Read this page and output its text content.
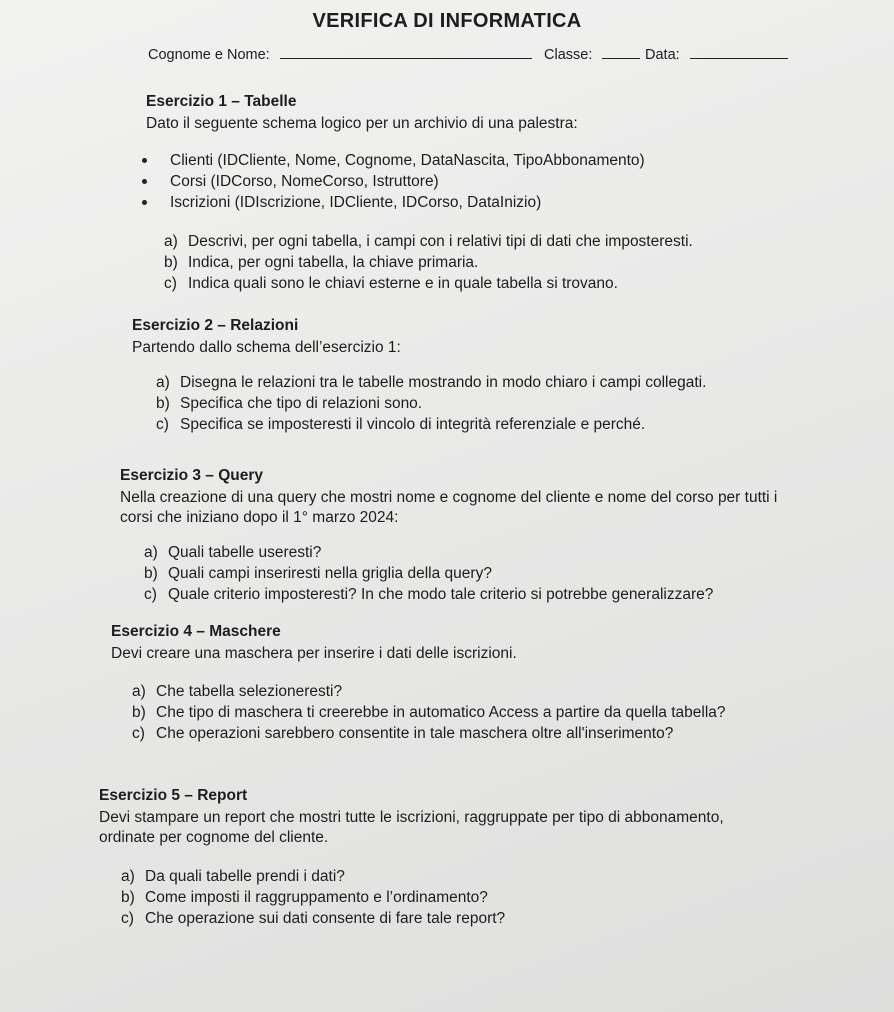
VERIFICA DI INFORMATICA
Cognome e Nome:	Classe:	Data:
Esercizio 1 – Tabelle
Dato il seguente schema logico per un archivio di una palestra:
Clienti (IDCliente, Nome, Cognome, DataNascita, TipoAbbonamento)
Corsi (IDCorso, NomeCorso, Istruttore)
Iscrizioni (IDIscrizione, IDCliente, IDCorso, DataInizio)
a) Descrivi, per ogni tabella, i campi con i relativi tipi di dati che imposteresti.
b) Indica, per ogni tabella, la chiave primaria.
c) Indica quali sono le chiavi esterne e in quale tabella si trovano.
Esercizio 2 – Relazioni
Partendo dallo schema dell’esercizio 1:
a) Disegna le relazioni tra le tabelle mostrando in modo chiaro i campi collegati.
b) Specifica che tipo di relazioni sono.
c) Specifica se imposteresti il vincolo di integrità referenziale e perché.
Esercizio 3 – Query
Nella creazione di una query che mostri nome e cognome del cliente e nome del corso per tutti i
corsi che iniziano dopo il 1° marzo 2024:
a) Quali tabelle useresti?
b) Quali campi inseriresti nella griglia della query?
c) Quale criterio imposteresti? In che modo tale criterio si potrebbe generalizzare?
Esercizio 4 – Maschere
Devi creare una maschera per inserire i dati delle iscrizioni.
a) Che tabella selezioneresti?
b) Che tipo di maschera ti creerebbe in automatico Access a partire da quella tabella?
c) Che operazioni sarebbero consentite in tale maschera oltre all'inserimento?
Esercizio 5 – Report
Devi stampare un report che mostri tutte le iscrizioni, raggruppate per tipo di abbonamento,
ordinate per cognome del cliente.
a) Da quali tabelle prendi i dati?
b) Come imposti il raggruppamento e l’ordinamento?
c) Che operazione sui dati consente di fare tale report?
